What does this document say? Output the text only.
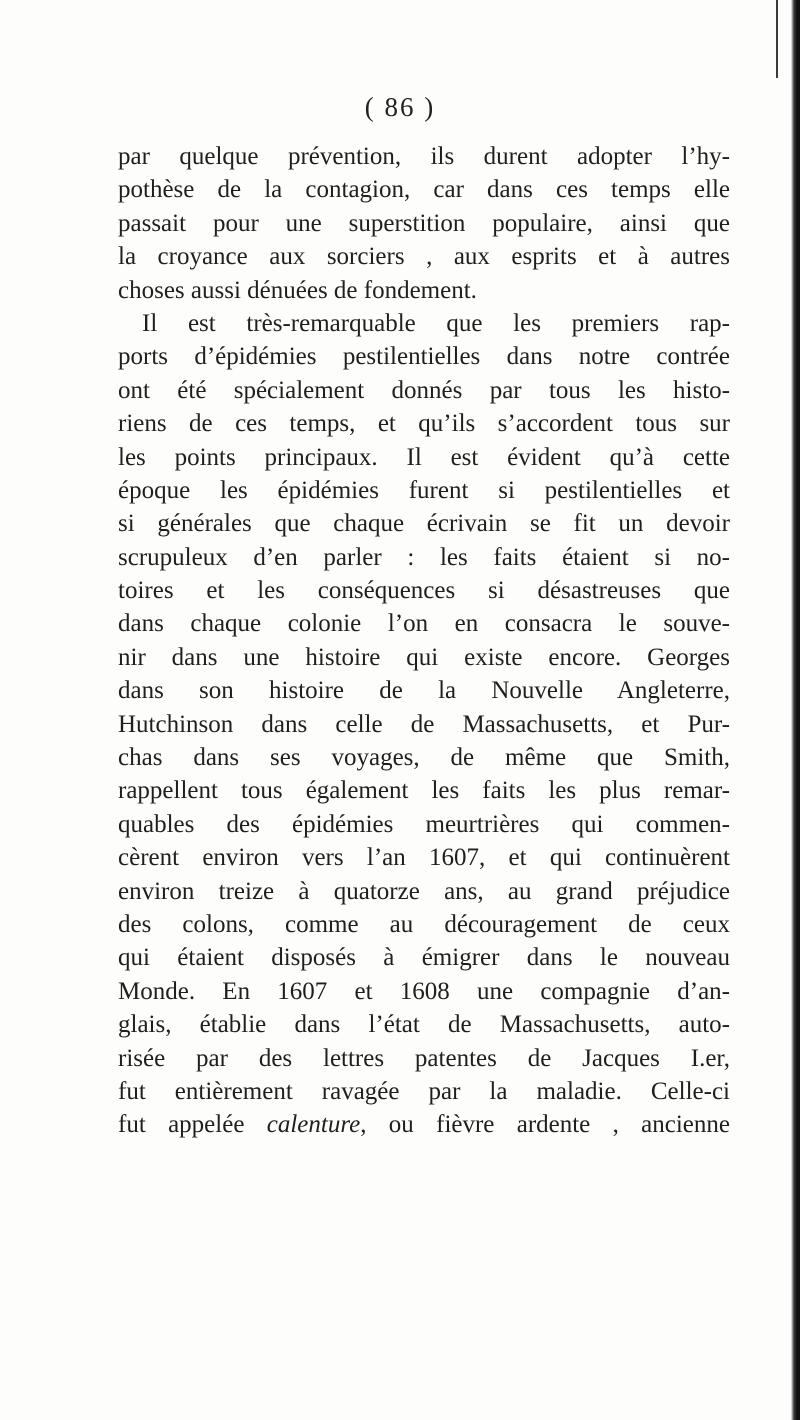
( 86 )
par quelque prévention, ils durent adopter l’hy-
pothèse de la contagion, car dans ces temps elle
passait pour une superstition populaire, ainsi que
la croyance aux sorciers , aux esprits et à autres
choses aussi dénuées de fondement.
Il est très-remarquable que les premiers rap-
ports d’épidémies pestilentielles dans notre contrée
ont été spécialement donnés par tous les histo-
riens de ces temps, et qu’ils s’accordent tous sur
les points principaux. Il est évident qu’à cette
époque les épidémies furent si pestilentielles et
si générales que chaque écrivain se fit un devoir
scrupuleux d’en parler : les faits étaient si no-
toires et les conséquences si désastreuses que
dans chaque colonie l’on en consacra le souve-
nir dans une histoire qui existe encore. Georges
dans son histoire de la Nouvelle Angleterre,
Hutchinson dans celle de Massachusetts, et Pur-
chas dans ses voyages, de même que Smith,
rappellent tous également les faits les plus remar-
quables des épidémies meurtrières qui commen-
cèrent environ vers l’an 1607, et qui continuèrent
environ treize à quatorze ans, au grand préjudice
des colons, comme au découragement de ceux
qui étaient disposés à émigrer dans le nouveau
Monde. En 1607 et 1608 une compagnie d’an-
glais, établie dans l’état de Massachusetts, auto-
risée par des lettres patentes de Jacques I.er,
fut entièrement ravagée par la maladie. Celle-ci
fut appelée calenture, ou fièvre ardente , ancienne
